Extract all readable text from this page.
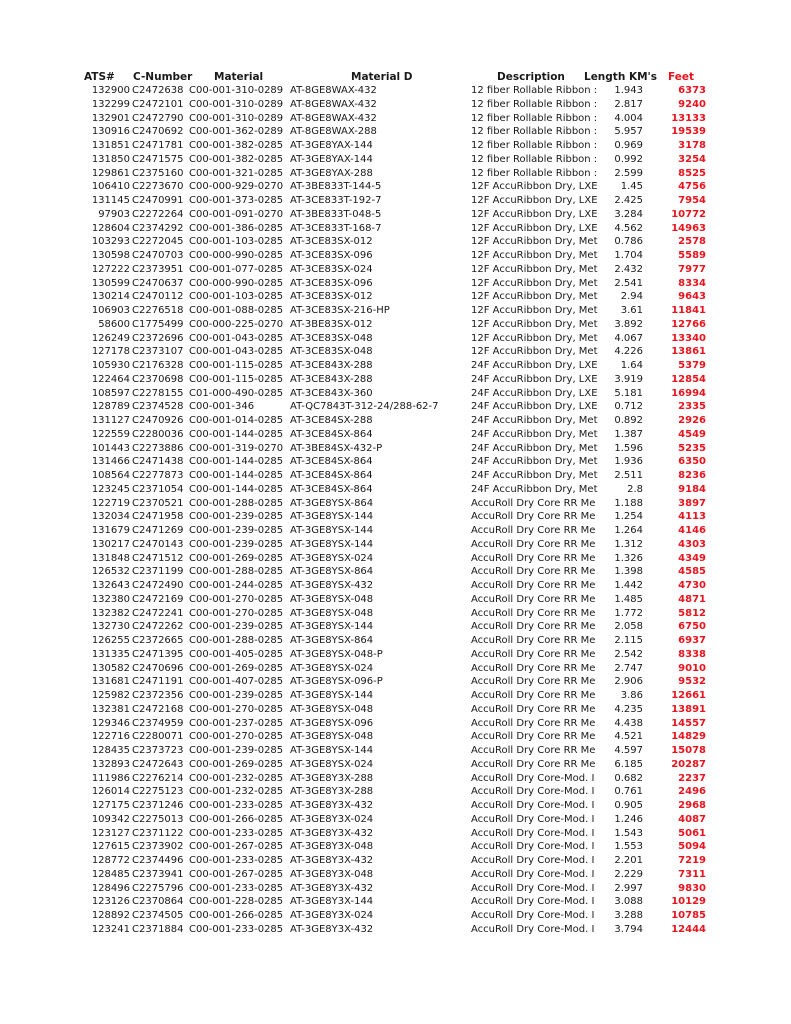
ATS#	C-Number Material	Material D	Description	Length KM's Feet
132900 C2472638 C00-001-310-0289 AT-8GE8WAX-432	12 fiber Rollable Ribbon :	1.943	6373
132299 C2472101 C00-001-310-0289 AT-8GE8WAX-432	12 fiber Rollable Ribbon :	2.817	9240
132901 C2472790 C00-001-310-0289 AT-8GE8WAX-432	12 fiber Rollable Ribbon :	4.004	13133
130916 C2470692 C00-001-362-0289 AT-8GE8WAX-288	12 fiber Rollable Ribbon :	5.957	19539
131851 C2471781 C00-001-382-0285 AT-3GE8YAX-144	12 fiber Rollable Ribbon :	0.969	3178
131850 C2471575 C00-001-382-0285 AT-3GE8YAX-144	12 fiber Rollable Ribbon :	0.992	3254
129861 C2375160 C00-001-321-0285 AT-3GE8YAX-288	12 fiber Rollable Ribbon :	2.599	8525
106410 C2273670 C00-000-929-0270 AT-3BE833T-144-5	12F AccuRibbon Dry, LXE	1.45	4756
131145 C2470991 C00-001-373-0285 AT-3CE833T-192-7	12F AccuRibbon Dry, LXE	2.425	7954
97903 C2272264 C00-001-091-0270 AT-3BE833T-048-5	12F AccuRibbon Dry, LXE	3.284	10772
128604 C2374292 C00-001-386-0285 AT-3CE833T-168-7	12F AccuRibbon Dry, LXE	4.562	14963
103293 C2272045 C00-001-103-0285 AT-3CE83SX-012	12F AccuRibbon Dry, Met	0.786	2578
130598 C2470703 C00-000-990-0285 AT-3CE83SX-096	12F AccuRibbon Dry, Met	1.704	5589
127222 C2373951 C00-001-077-0285 AT-3CE83SX-024	12F AccuRibbon Dry, Met	2.432	7977
130599 C2470637 C00-000-990-0285 AT-3CE83SX-096	12F AccuRibbon Dry, Met	2.541	8334
130214 C2470112 C00-001-103-0285 AT-3CE83SX-012	12F AccuRibbon Dry, Met	2.94	9643
106903 C2276518 C00-001-088-0285 AT-3CE83SX-216-HP	12F AccuRibbon Dry, Met	3.61	11841
58600 C1775499 C00-000-225-0270 AT-3BE83SX-012	12F AccuRibbon Dry, Met	3.892	12766
126249 C2372696 C00-001-043-0285 AT-3CE83SX-048	12F AccuRibbon Dry, Met	4.067	13340
127178 C2373107 C00-001-043-0285 AT-3CE83SX-048	12F AccuRibbon Dry, Met	4.226	13861
105930 C2176328 C00-001-115-0285 AT-3CE843X-288	24F AccuRibbon Dry, LXE	1.64	5379
122464 C2370698 C00-001-115-0285 AT-3CE843X-288	24F AccuRibbon Dry, LXE	3.919	12854
108597 C2278155 C01-000-490-0285 AT-3CE843X-360	24F AccuRibbon Dry, LXE	5.181	16994
128789 C2374528 C00-001-346	AT-QC7843T-312-24/288-62-7	24F AccuRibbon Dry, LXE	0.712	2335
131127 C2470926 C00-001-014-0285 AT-3CE84SX-288	24F AccuRibbon Dry, Met	0.892	2926
122559 C2280036 C00-001-144-0285 AT-3CE84SX-864	24F AccuRibbon Dry, Met	1.387	4549
101443 C2273886 C00-001-319-0270 AT-3BE84SX-432-P	24F AccuRibbon Dry, Met	1.596	5235
131466 C2471438 C00-001-144-0285 AT-3CE84SX-864	24F AccuRibbon Dry, Met	1.936	6350
108564 C2277873 C00-001-144-0285 AT-3CE84SX-864	24F AccuRibbon Dry, Met	2.511	8236
123245 C2371054 C00-001-144-0285 AT-3CE84SX-864	24F AccuRibbon Dry, Met	2.8	9184
122719 C2370521 C00-001-288-0285 AT-3GE8YSX-864	AccuRoll Dry Core RR Me	1.188	3897
132034 C2471958 C00-001-239-0285 AT-3GE8YSX-144	AccuRoll Dry Core RR Me	1.254	4113
131679 C2471269 C00-001-239-0285 AT-3GE8YSX-144	AccuRoll Dry Core RR Me	1.264	4146
130217 C2470143 C00-001-239-0285 AT-3GE8YSX-144	AccuRoll Dry Core RR Me	1.312	4303
131848 C2471512 C00-001-269-0285 AT-3GE8YSX-024	AccuRoll Dry Core RR Me	1.326	4349
126532 C2371199 C00-001-288-0285 AT-3GE8YSX-864	AccuRoll Dry Core RR Me	1.398	4585
132643 C2472490 C00-001-244-0285 AT-3GE8YSX-432	AccuRoll Dry Core RR Me	1.442	4730
132380 C2472169 C00-001-270-0285 AT-3GE8YSX-048	AccuRoll Dry Core RR Me	1.485	4871
132382 C2472241 C00-001-270-0285 AT-3GE8YSX-048	AccuRoll Dry Core RR Me	1.772	5812
132730 C2472262 C00-001-239-0285 AT-3GE8YSX-144	AccuRoll Dry Core RR Me	2.058	6750
126255 C2372665 C00-001-288-0285 AT-3GE8YSX-864	AccuRoll Dry Core RR Me	2.115	6937
131335 C2471395 C00-001-405-0285 AT-3GE8YSX-048-P	AccuRoll Dry Core RR Me	2.542	8338
130582 C2470696 C00-001-269-0285 AT-3GE8YSX-024	AccuRoll Dry Core RR Me	2.747	9010
131681 C2471191 C00-001-407-0285 AT-3GE8YSX-096-P	AccuRoll Dry Core RR Me	2.906	9532
125982 C2372356 C00-001-239-0285 AT-3GE8YSX-144	AccuRoll Dry Core RR Me	3.86	12661
132381 C2472168 C00-001-270-0285 AT-3GE8YSX-048	AccuRoll Dry Core RR Me	4.235	13891
129346 C2374959 C00-001-237-0285 AT-3GE8YSX-096	AccuRoll Dry Core RR Me	4.438	14557
122716 C2280071 C00-001-270-0285 AT-3GE8YSX-048	AccuRoll Dry Core RR Me	4.521	14829
128435 C2373723 C00-001-239-0285 AT-3GE8YSX-144	AccuRoll Dry Core RR Me	4.597	15078
132893 C2472643 C00-001-269-0285 AT-3GE8YSX-024	AccuRoll Dry Core RR Me	6.185	20287
111986 C2276214 C00-001-232-0285 AT-3GE8Y3X-288	AccuRoll Dry Core-Mod. I	0.682	2237
126014 C2275123 C00-001-232-0285 AT-3GE8Y3X-288	AccuRoll Dry Core-Mod. I	0.761	2496
127175 C2371246 C00-001-233-0285 AT-3GE8Y3X-432	AccuRoll Dry Core-Mod. I	0.905	2968
109342 C2275013 C00-001-266-0285 AT-3GE8Y3X-024	AccuRoll Dry Core-Mod. I	1.246	4087
123127 C2371122 C00-001-233-0285 AT-3GE8Y3X-432	AccuRoll Dry Core-Mod. I	1.543	5061
127615 C2373902 C00-001-267-0285 AT-3GE8Y3X-048	AccuRoll Dry Core-Mod. I	1.553	5094
128772 C2374496 C00-001-233-0285 AT-3GE8Y3X-432	AccuRoll Dry Core-Mod. I	2.201	7219
128485 C2373941 C00-001-267-0285 AT-3GE8Y3X-048	AccuRoll Dry Core-Mod. I	2.229	7311
128496 C2275796 C00-001-233-0285 AT-3GE8Y3X-432	AccuRoll Dry Core-Mod. I	2.997	9830
123126 C2370864 C00-001-228-0285 AT-3GE8Y3X-144	AccuRoll Dry Core-Mod. I	3.088	10129
128892 C2374505 C00-001-266-0285 AT-3GE8Y3X-024	AccuRoll Dry Core-Mod. I	3.288	10785
123241 C2371884 C00-001-233-0285 AT-3GE8Y3X-432	AccuRoll Dry Core-Mod. I	3.794	12444
